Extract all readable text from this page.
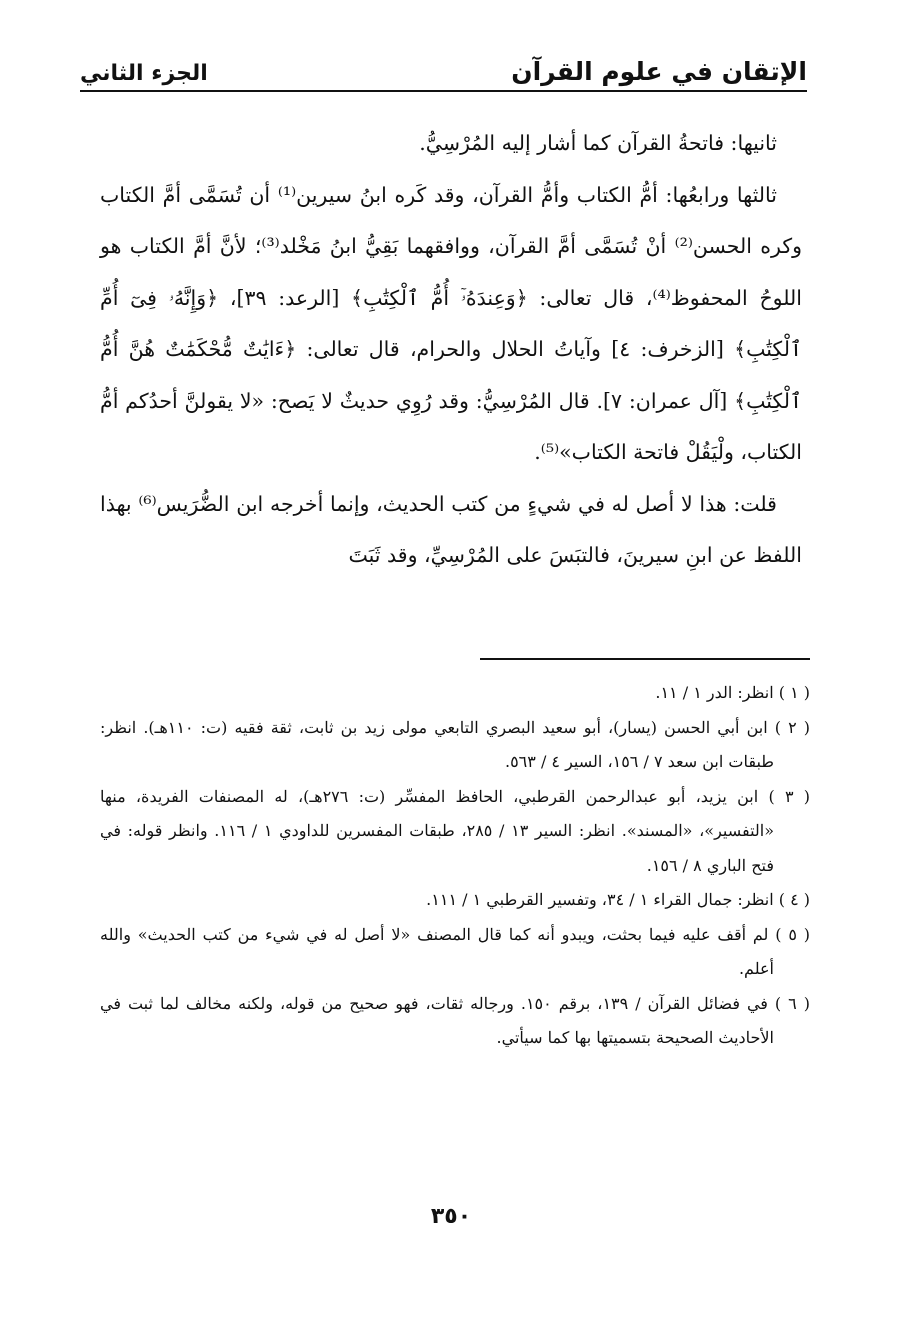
الإتقان في علوم القرآن
الجزء الثاني

ثانيها: فاتحةُ القرآن كما أشار إليه المُرْسِيُّ.

ثالثها ورابعُها: أمُّ الكتاب وأمُّ القرآن، وقد كَره ابنُ سيرين⁽¹⁾ أن تُسَمَّى أمَّ الكتاب وكره الحسن⁽²⁾ أنْ تُسَمَّى أمَّ القرآن، ووافقهما بَقِيُّ ابنُ مَخْلد⁽³⁾؛ لأنَّ أمَّ الكتاب هو اللوحُ المحفوظ⁽⁴⁾، قال تعالى: ﴿وَعِندَهُۥٓ أُمُّ ٱلْكِتَٰبِ﴾ [الرعد: ٣٩]، ﴿وَإِنَّهُۥ فِىٓ أُمِّ ٱلْكِتَٰبِ﴾ [الزخرف: ٤] وآياتُ الحلال والحرام، قال تعالى: ﴿ءَايَٰتٌ مُّحْكَمَٰتٌ هُنَّ أُمُّ ٱلْكِتَٰبِ﴾ [آل عمران: ٧]. قال المُرْسِيُّ: وقد رُوِي حديثٌ لا يَصح: «لا يقولنَّ أحدُكم أمُّ الكتاب، ولْيَقُلْ فاتحة الكتاب»⁽⁵⁾.

قلت: هذا لا أصل له في شيءٍ من كتب الحديث، وإنما أخرجه ابن الضُّرَيس⁽⁶⁾ بهذا اللفظ عن ابنِ سيرينَ، فالتبَسَ على المُرْسِيِّ، وقد ثَبَتَ

( ١ ) انظر: الدر ١ / ١١.

( ٢ ) ابن أبي الحسن (يسار)، أبو سعيد البصري التابعي مولى زيد بن ثابت، ثقة فقيه (ت: ١١٠هـ). انظر: طبقات ابن سعد ٧ / ١٥٦، السير ٤ / ٥٦٣.

( ٣ ) ابن يزيد، أبو عبدالرحمن القرطبي، الحافظ المفسِّر (ت: ٢٧٦هـ)، له المصنفات الفريدة، منها «التفسير»، «المسند». انظر: السير ١٣ / ٢٨٥، طبقات المفسرين للداودي ١ / ١١٦. وانظر قوله: في فتح الباري ٨ / ١٥٦.

( ٤ ) انظر: جمال القراء ١ / ٣٤، وتفسير القرطبي ١ / ١١١.

( ٥ ) لم أقف عليه فيما بحثت، ويبدو أنه كما قال المصنف «لا أصل له في شيء من كتب الحديث» والله أعلم.

( ٦ ) في فضائل القرآن / ١٣٩، برقم ١٥٠. ورجاله ثقات، فهو صحيح من قوله، ولكنه مخالف لما ثبت في الأحاديث الصحيحة بتسميتها بها كما سيأتي.

٣٥٠
